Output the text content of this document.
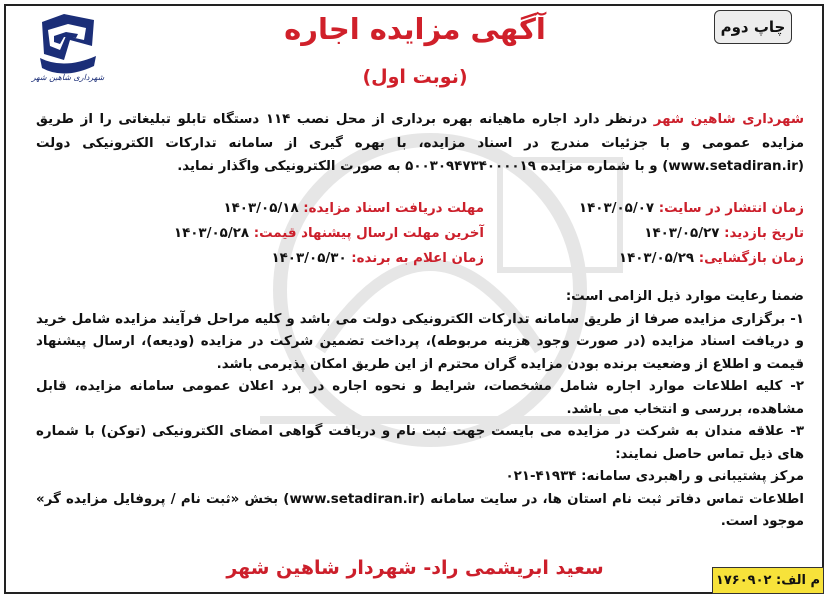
چاپ دوم
شهرداری شاهین شهر
آگهی مزایده اجاره
(نوبت اول)
شهرداری شاهین شهر درنظر دارد اجاره ماهیانه بهره برداری از محل نصب ۱۱۴ دستگاه تابلو تبلیغاتی را از طریق مزایده عمومی و با جزئیات مندرج در اسناد مزایده، با بهره گیری از سامانه تدارکات الکترونیکی دولت (www.setadiran.ir) و با شماره مزایده ۵۰۰۳۰۹۴۷۳۴۰۰۰۰۱۹ به صورت الکترونیکی واگذار نماید.
زمان انتشار در سایت: ۱۴۰۳/۰۵/۰۷
تاریخ بازدید: ۱۴۰۳/۰۵/۲۷
زمان بازگشایی: ۱۴۰۳/۰۵/۲۹
مهلت دریافت اسناد مزایده: ۱۴۰۳/۰۵/۱۸
آخرین مهلت ارسال پیشنهاد قیمت: ۱۴۰۳/۰۵/۲۸
زمان اعلام به برنده: ۱۴۰۳/۰۵/۳۰

ضمنا رعایت موارد ذیل الزامی است:

۱- برگزاری مزایده صرفا از طریق سامانه تدارکات الکترونیکی دولت می باشد و کلیه مراحل فرآیند مزایده شامل خرید و دریافت اسناد مزایده (در صورت وجود هزینه مربوطه)، پرداخت تضمین شرکت در مزایده (ودیعه)، ارسال پیشنهاد قیمت و اطلاع از وضعیت برنده بودن مزایده گران محترم از این طریق امکان پذیرمی باشد.

۲- کلیه اطلاعات موارد اجاره شامل مشخصات، شرایط و نحوه اجاره در برد اعلان عمومی سامانه مزایده، قابل مشاهده، بررسی و انتخاب می باشد.

۳- علاقه مندان به شرکت در مزایده می بایست جهت ثبت نام و دریافت گواهی امضای الکترونیکی (توکن) با شماره های ذیل تماس حاصل نمایند:

مرکز پشتیبانی و راهبردی سامانه: ۴۱۹۳۴-۰۲۱

اطلاعات تماس دفاتر ثبت نام استان ها، در سایت سامانه (www.setadiran.ir) بخش «ثبت نام / پروفایل مزایده گر» موجود است.

سعید ابریشمی راد- شهردار شاهین شهر
م الف: ۱۷۶۰۹۰۲
